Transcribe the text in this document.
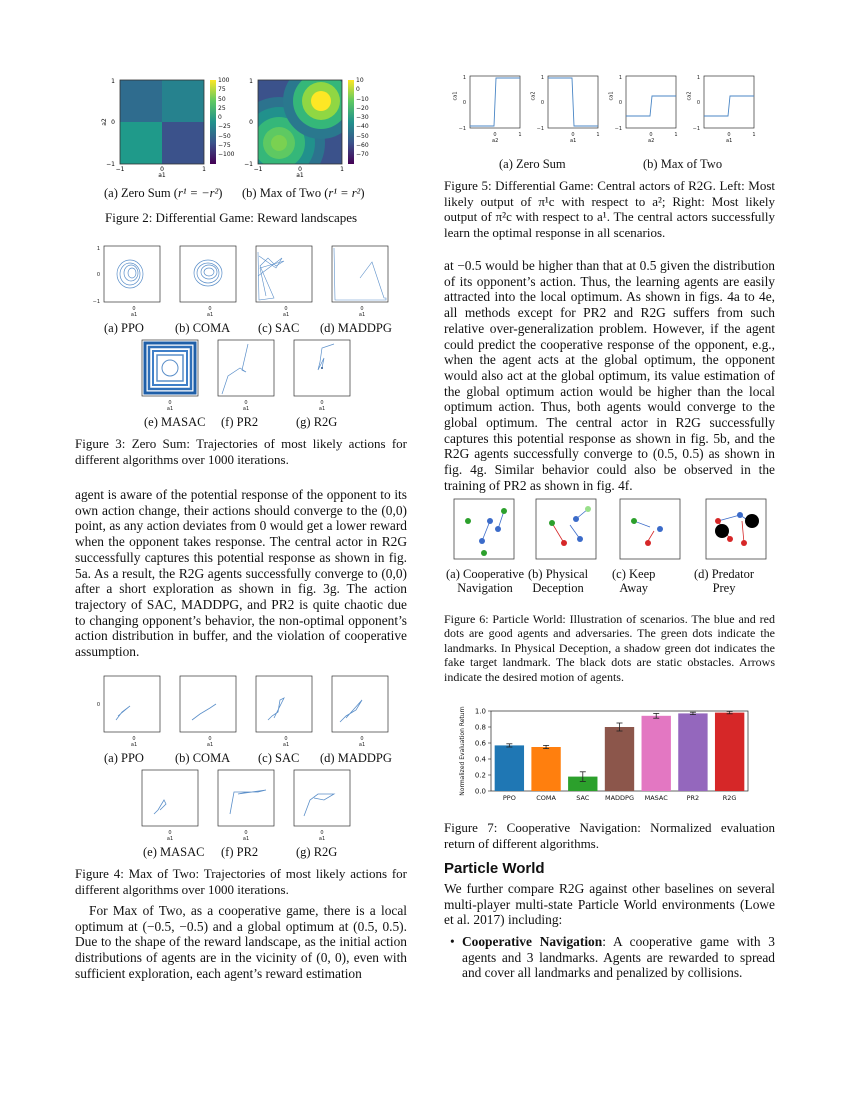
1
0
−1
a2
−1	0	1
a1
100
75
50
25
0
−25
−50
−75
−100
1
0
−1
−1	0	1
a1
10
0
−10
−20
−30
−40
−50
−60
−70
(a) Zero Sum (r¹ = −r²) (b) Max of Two (r¹ = r²)
Figure 2: Differential Game: Reward landscapes
1
0
−1
0
a1
0
a1
0
a1
0
a1
0
a1
0
a1
0
a1
(a) PPO (b) COMA (c) SAC (d) MADDPG
(e) MASAC (f) PR2	(g) R2G
Figure 3: Zero Sum: Trajectories of most likely actions for different algorithms over 1000 iterations.
agent is aware of the potential response of the opponent to its own action change, their actions should converge to the (0,0) point, as any action deviates from 0 would get a lower reward when the opponent takes response. The central actor in R2G successfully captures this potential response as shown in fig. 5a. As a result, the R2G agents successfully converge to (0,0) after a short exploration as shown in fig. 3g. The action trajectory of SAC, MADDPG, and PR2 is quite chaotic due to changing opponent’s behavior, the non-optimal opponent’s action distribution in buffer, and the violation of cooperative assumption.
0
0
a1
0
a1
0
a1
0
a1
0
a1
0
a1
0
a1
(a) PPO (b) COMA (c) SAC (d) MADDPG
(e) MASAC (f) PR2	(g) R2G
Figure 4: Max of Two: Trajectories of most likely actions for different algorithms over 1000 iterations.
For Max of Two, as a cooperative game, there is a local optimum at (−0.5, −0.5) and a global optimum at (0.5, 0.5). Due to the shape of the reward landscape, as the initial action distributions of agents are in the vicinity of (0, 0), even with sufficient exploration, each agent’s reward estimation
1
0
−1
1
0
−1
1
0
−1
1
0
−1
0	0	0	0
1	1	1	1
ca1	ca2	ca1	ca2
a2	a1	a2	a1
(a) Zero Sum	(b) Max of Two
Figure 5: Differential Game: Central actors of R2G. Left: Most likely output of π¹c with respect to a²; Right: Most likely output of π²c with respect to a¹. The central actors successfully learn the optimal response in all scenarios.
at −0.5 would be higher than that at 0.5 given the distribution of its opponent’s action. Thus, the learning agents are easily attracted into the local optimum. As shown in figs. 4a to 4e, all methods except for PR2 and R2G suffers from such relative over-generalization problem. However, if the agent could predict the cooperative response of the opponent, e.g., when the agent acts at the global optimum, the opponent would also act at the global optimum, its value estimation of the global optimum action would be higher than the local optimum action. Thus, both agents would converge to the global optimum. The central actor in R2G successfully captures this potential response as shown in fig. 5b, and the R2G agents successfully converge to (0.5, 0.5) as shown in fig. 4g. Similar behavior could also be observed in the training of PR2 as shown in fig. 4f.
(a) Cooperative
Navigation
(b) Physical
Deception
(c) Keep
Away
(d) Predator
Prey
Figure 6: Particle World: Illustration of scenarios. The blue and red dots are good agents and adversaries. The green dots indicate the landmarks. In Physical Deception, a shadow green dot indicates the fake target landmark. The black dots are static obstacles. Arrows indicate the desired motion of agents.
0.0
0.2
0.4
0.6
0.8
1.0
PPO	COMA	SAC MADDPG MASAC	PR2	R2G
Normalized Evaluation Return
Figure 7: Cooperative Navigation: Normalized evaluation return of different algorithms.
Particle World
We further compare R2G against other baselines on several multi-player multi-state Particle World environments (Lowe et al. 2017) including:
• Cooperative Navigation: A cooperative game with 3 agents and 3 landmarks. Agents are rewarded to spread and cover all landmarks and penalized by collisions.
